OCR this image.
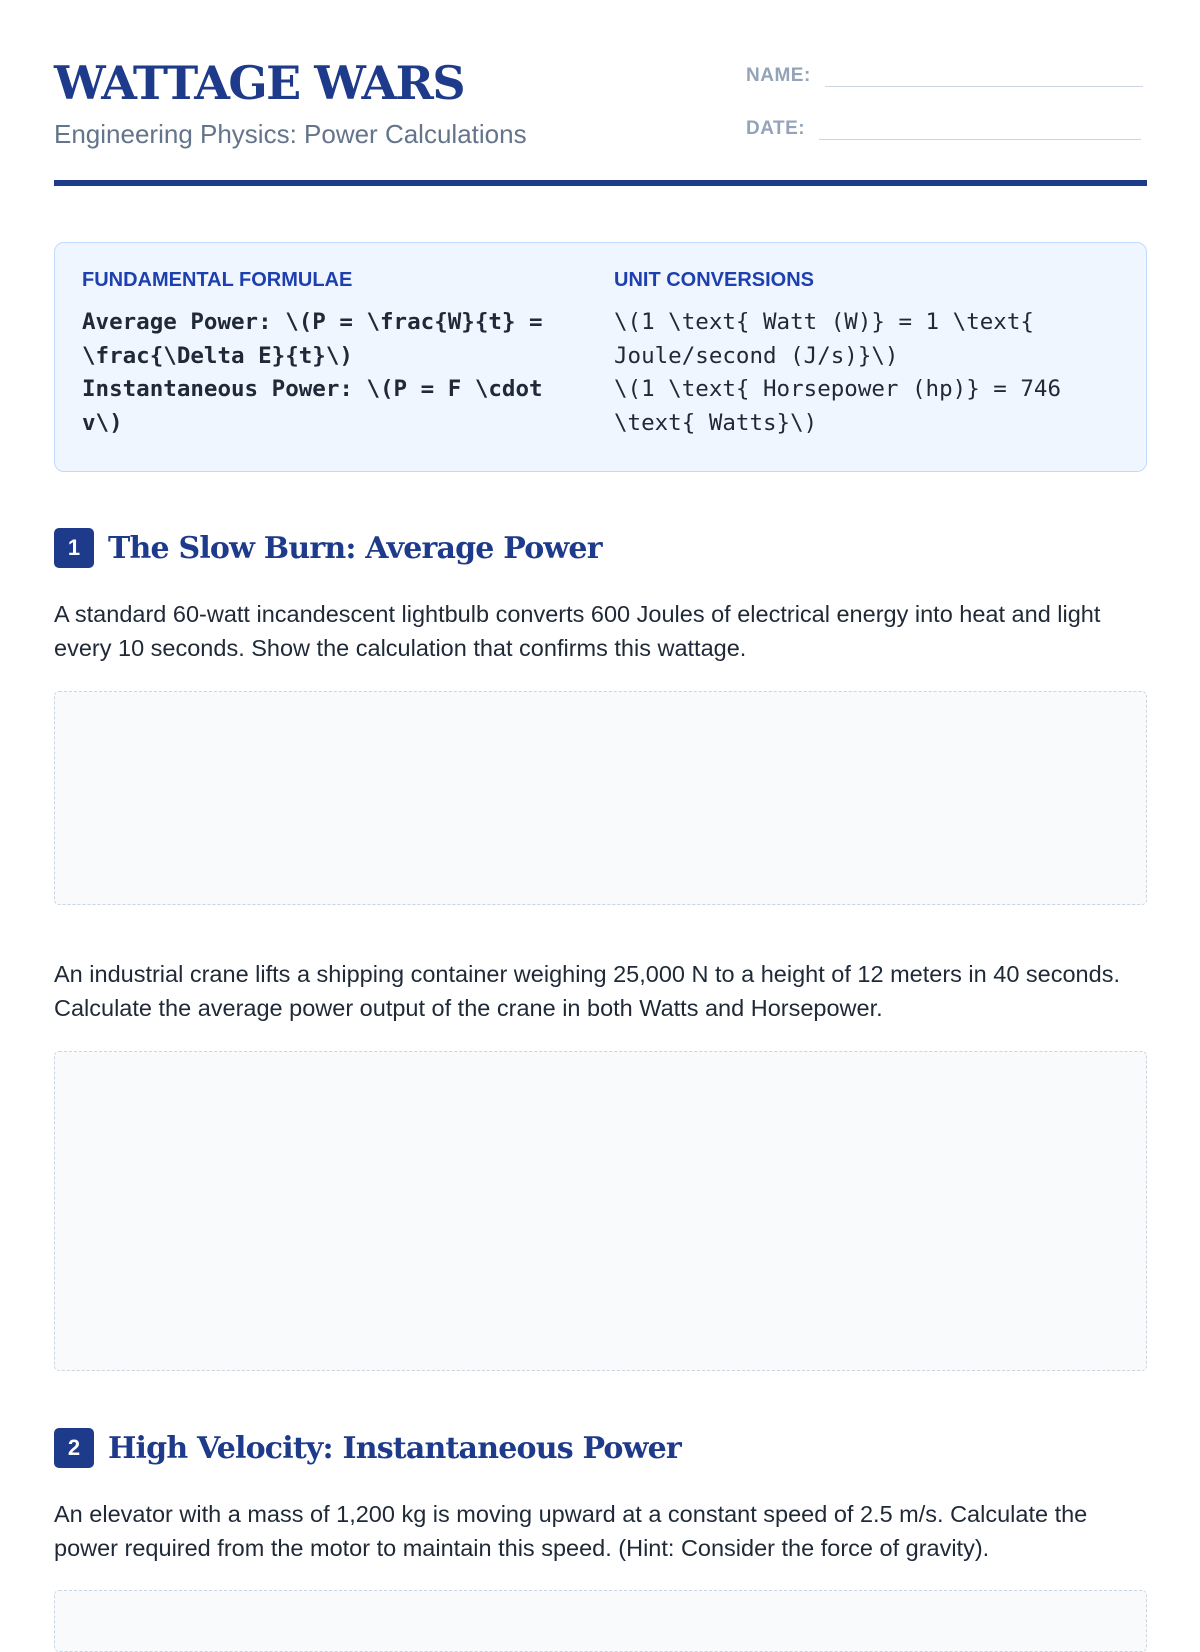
WATTAGE WARS
Engineering Physics: Power Calculations
NAME:
DATE:
FUNDAMENTAL FORMULAE
Average Power: \(P = \frac{W}{t} =
\frac{\Delta E}{t}\)
Instantaneous Power: \(P = F \cdot
v\)
UNIT CONVERSIONS
\(1 \text{ Watt (W)} = 1 \text{
Joule/second (J/s)}\)
\(1 \text{ Horsepower (hp)} = 746
\text{ Watts}\)
1 The Slow Burn: Average Power
A standard 60-watt incandescent lightbulb converts 600 Joules of electrical energy into heat and light every 10 seconds. Show the calculation that confirms this wattage.
An industrial crane lifts a shipping container weighing 25,000 N to a height of 12 meters in 40 seconds. Calculate the average power output of the crane in both Watts and Horsepower.
2 High Velocity: Instantaneous Power
An elevator with a mass of 1,200 kg is moving upward at a constant speed of 2.5 m/s. Calculate the power required from the motor to maintain this speed. (Hint: Consider the force of gravity).
